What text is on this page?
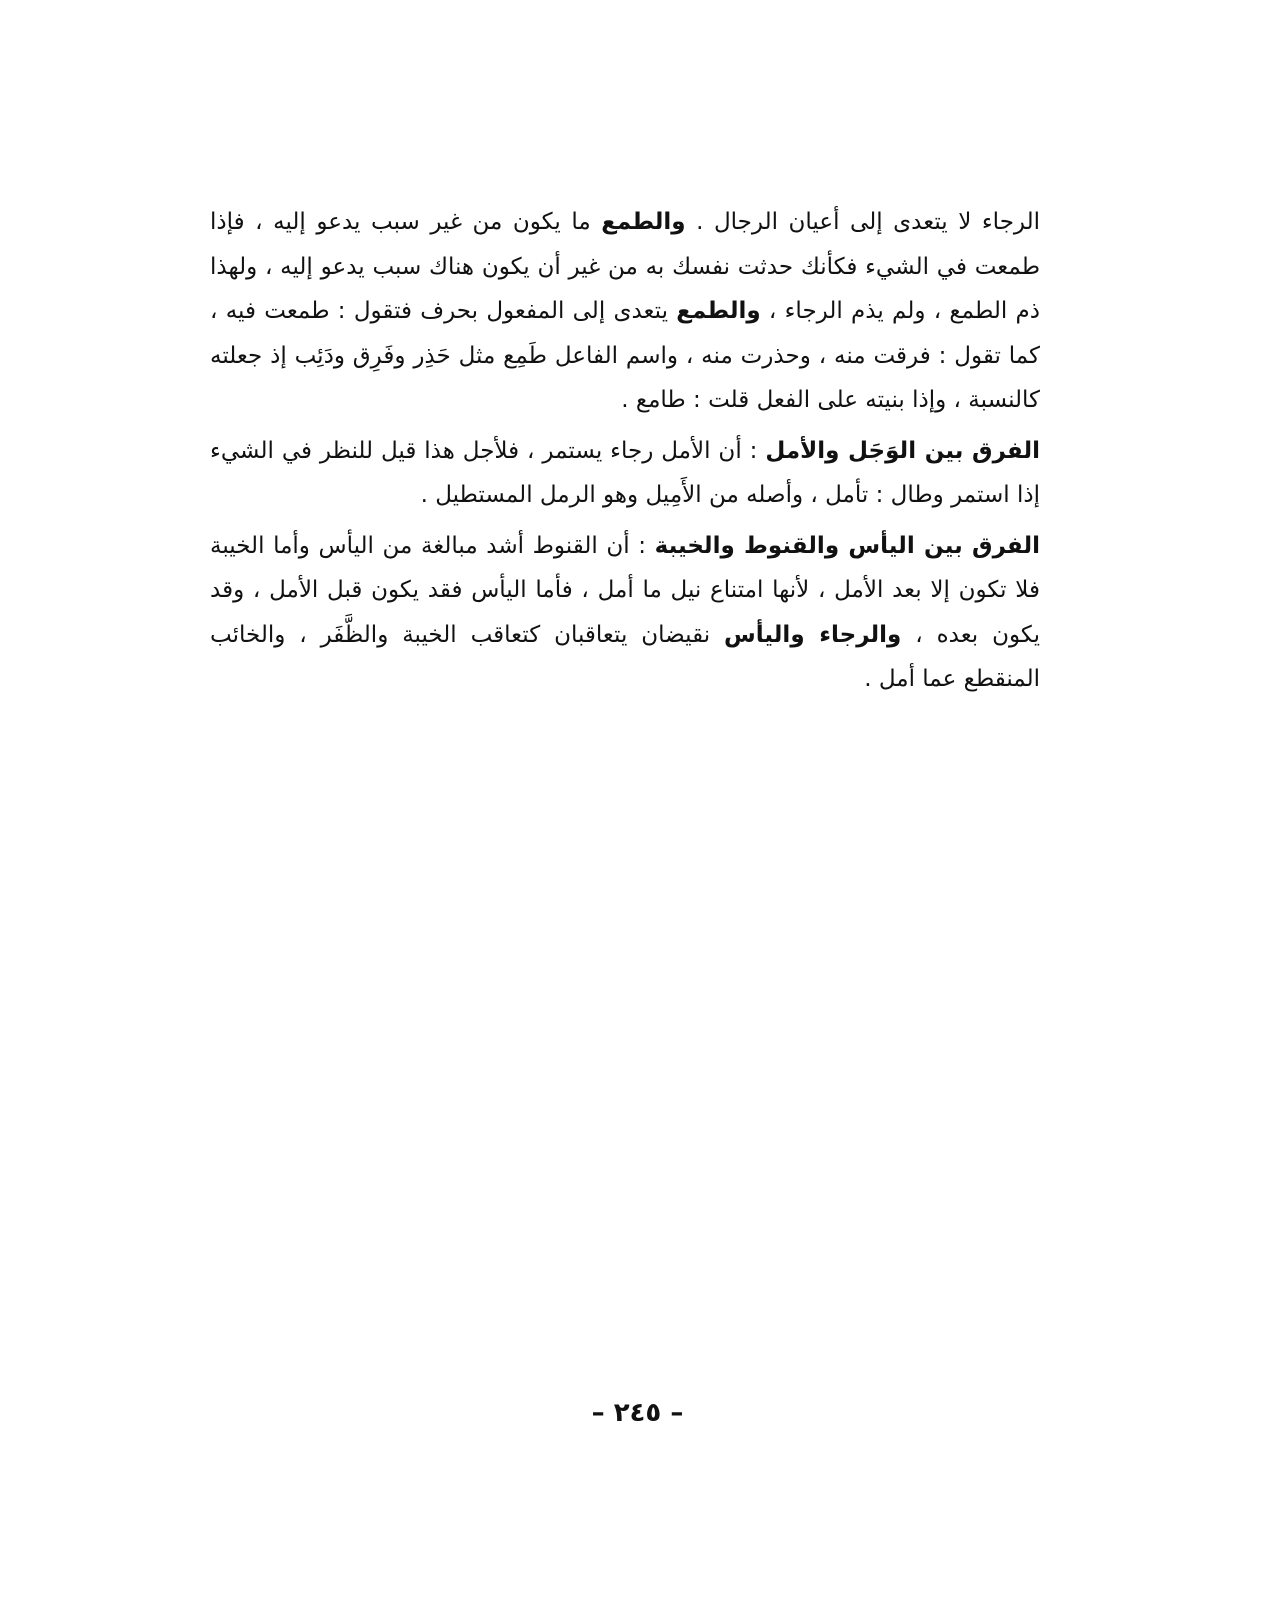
الرجاء لا يتعدى إلى أعيان الرجال . والطمع ما يكون من غير سبب يدعو إليه ، فإذا طمعت في الشيء فكأنك حدثت نفسك به من غير أن يكون هناك سبب يدعو إليه ، ولهذا ذم الطمع ، ولم يذم الرجاء ، والطمع يتعدى إلى المفعول بحرف فتقول : طمعت فيه ، كما تقول : فرقت منه ، وحذرت منه ، واسم الفاعل طَمِع مثل حَذِر وفَرِق ودَئِب إذ جعلته كالنسبة ، وإذا بنيته على الفعل قلت : طامع .

الفرق بين الوَجَل والأمل : أن الأمل رجاء يستمر ، فلأجل هذا قيل للنظر في الشيء إذا استمر وطال : تأمل ، وأصله من الأَمِيل وهو الرمل المستطيل .

الفرق بين اليأس والقنوط والخيبة : أن القنوط أشد مبالغة من اليأس وأما الخيبة فلا تكون إلا بعد الأمل ، لأنها امتناع نيل ما أمل ، فأما اليأس فقد يكون قبل الأمل ، وقد يكون بعده ، والرجاء واليأس نقيضان يتعاقبان كتعاقب الخيبة والظَّفَر ، والخائب المنقطع عما أمل .

– ٢٤٥ –
